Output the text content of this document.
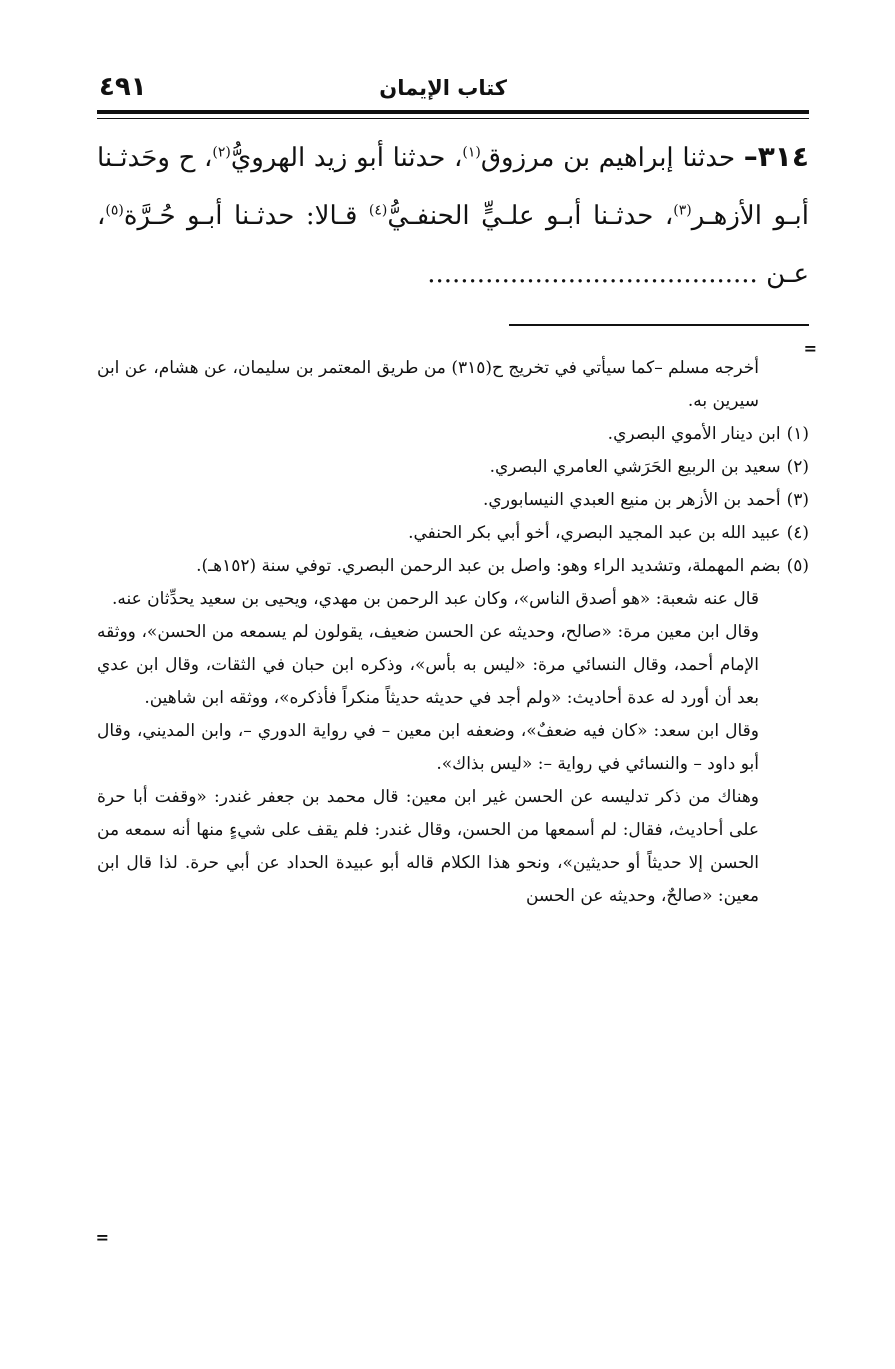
كتاب الإيمان
٤٩١

٣١٤– حدثنا إبراهيم بن مرزوق$^{(١)}$، حدثنا أبو زيد الهرويُّ$^{(٢)}$، ح وحَدثـنا أبـو الأزهـر$^{(٣)}$، حدثـنا أبـو علـيٍّ الحنفـيُّ$^{(٤)}$ قـالا: حدثـنا أبـو حُـرَّة$^{(٥)}$، عـن ........................................

=

أخرجه مسلم –كما سيأتي في تخريج ح(٣١٥) من طريق المعتمر بن سليمان، عن هشام، عن ابن سيرين به.

(١)ابن دينار الأموي البصري.

(٢)سعيد بن الربيع الحَرَشي العامري البصري.

(٣)أحمد بن الأزهر بن منيع العبدي النيسابوري.

(٤)عبيد الله بن عبد المجيد البصري، أخو أبي بكر الحنفي.

(٥)بضم المهملة، وتشديد الراء وهو: واصل بن عبد الرحمن البصري. توفي سنة (١٥٢هـ).

قال عنه شعبة: «هو أصدق الناس»، وكان عبد الرحمن بن مهدي، ويحيى بن سعيد يحدِّثان عنه.

وقال ابن معين مرة: «صالح، وحديثه عن الحسن ضعيف، يقولون لم يسمعه من الحسن»، ووثقه الإمام أحمد، وقال النسائي مرة: «ليس به بأس»، وذكره ابن حبان في الثقات، وقال ابن عدي بعد أن أورد له عدة أحاديث: «ولم أجد في حديثه حديثاً منكراً فأذكره»، ووثقه ابن شاهين.

وقال ابن سعد: «كان فيه ضعفٌ»، وضعفه ابن معين – في رواية الدوري –، وابن المديني، وقال أبو داود – والنسائي في رواية –: «ليس بذاك».

وهناك من ذكر تدليسه عن الحسن غير ابن معين: قال محمد بن جعفر غندر: «وقفت أبا حرة على أحاديث، فقال: لم أسمعها من الحسن، وقال غندر: فلم يقف على شيءٍ منها أنه سمعه من الحسن إلا حديثاً أو حديثين»، ونحو هذا الكلام قاله أبو عبيدة الحداد عن أبي حرة. لذا قال ابن معين: «صالحٌ، وحديثه عن الحسن

=
